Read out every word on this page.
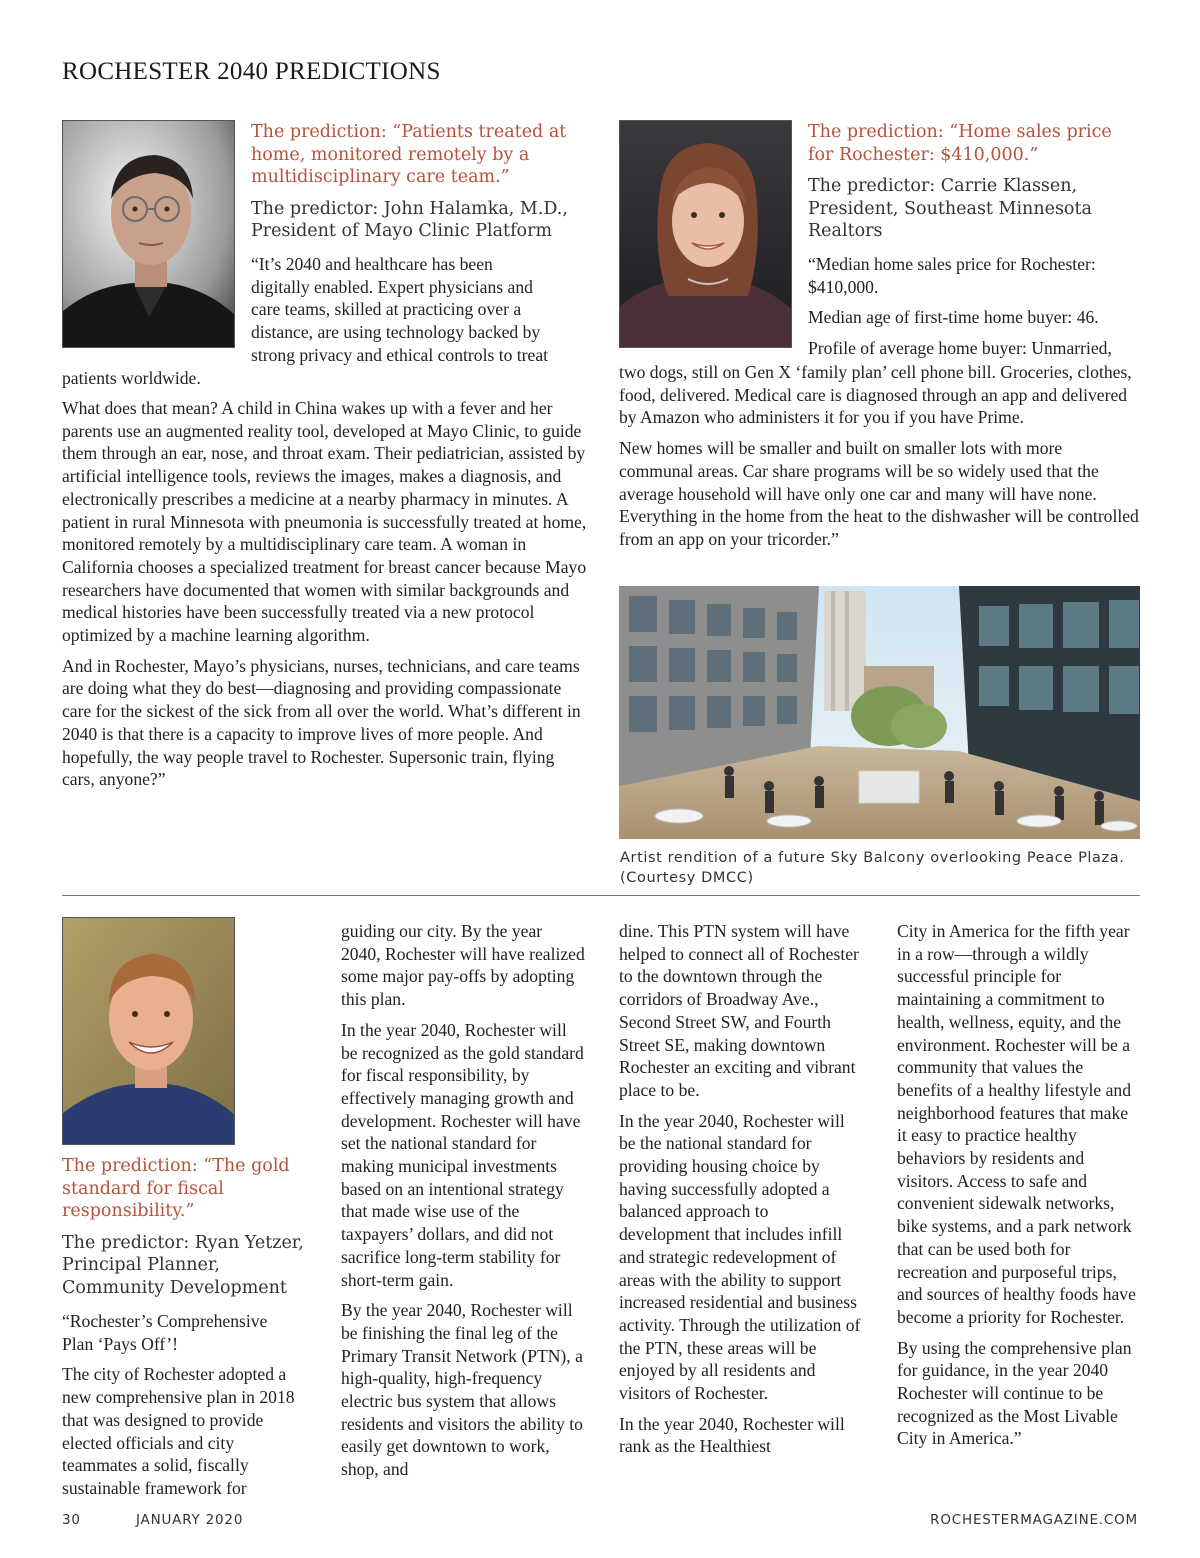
ROCHESTER 2040 PREDICTIONS
The prediction: “Patients treated at home, monitored remotely by a multidisciplinary care team.”
The predictor: John Halamka, M.D., President of Mayo Clinic Platform
“It’s 2040 and healthcare has been
digitally enabled. Expert physicians and
care teams, skilled at practicing over a
distance, are using technology backed by
strong privacy and ethical controls to treat
patients worldwide.

What does that mean? A child in China wakes up with a fever and her parents use an augmented reality tool, developed at Mayo Clinic, to guide them through an ear, nose, and throat exam. Their pediatrician, assisted by artificial intelligence tools, reviews the images, makes a diagnosis, and electronically prescribes a medicine at a nearby pharmacy in minutes. A patient in rural Minnesota with pneumonia is successfully treated at home, monitored remotely by a multidisciplinary care team. A woman in California chooses a specialized treatment for breast cancer because Mayo researchers have documented that women with similar backgrounds and medical histories have been successfully treated via a new protocol optimized by a machine learning algorithm.

And in Rochester, Mayo’s physicians, nurses, technicians, and care teams are doing what they do best—diagnosing and providing compassionate care for the sickest of the sick from all over the world. What’s different in 2040 is that there is a capacity to improve lives of more people. And hopefully, the way people travel to Rochester. Supersonic train, flying cars, anyone?”

The prediction: “Home sales price for Rochester: $410,000.”
The predictor: Carrie Klassen, President, Southeast Minnesota Realtors

“Median home sales price for Rochester: $410,000.

Median age of first-time home buyer: 46.

Profile of average home buyer: Unmarried,

two dogs, still on Gen X ‘family plan’ cell phone bill. Groceries, clothes, food, delivered. Medical care is diagnosed through an app and delivered by Amazon who administers it for you if you have Prime.

New homes will be smaller and built on smaller lots with more communal areas. Car share programs will be so widely used that the average household will have only one car and many will have none. Everything in the home from the heat to the dishwasher will be controlled from an app on your tricorder.”

Artist rendition of a future Sky Balcony overlooking Peace Plaza. (Courtesy DMCC)
The prediction: “The gold standard for fiscal responsibility.”
The predictor: Ryan Yetzer, Principal Planner, Community Development

“Rochester’s Comprehensive Plan ‘Pays Off’!

The city of Rochester adopted a new comprehensive plan in 2018 that was designed to provide elected officials and city teammates a solid, fiscally sustainable framework for

guiding our city. By the year 2040, Rochester will have realized some major pay-offs by adopting this plan.

In the year 2040, Rochester will be recognized as the gold standard for fiscal responsibility, by effectively managing growth and development. Rochester will have set the national standard for making municipal investments based on an intentional strategy that made wise use of the taxpayers’ dollars, and did not sacrifice long-term stability for short-term gain.

By the year 2040, Rochester will be finishing the final leg of the Primary Transit Network (PTN), a high-quality, high-frequency electric bus system that allows residents and visitors the ability to easily get downtown to work, shop, and

dine. This PTN system will have helped to connect all of Rochester to the downtown through the corridors of Broadway Ave., Second Street SW, and Fourth Street SE, making downtown Rochester an exciting and vibrant place to be.

In the year 2040, Rochester will be the national standard for providing housing choice by having successfully adopted a balanced approach to development that includes infill and strategic redevelopment of areas with the ability to support increased residential and business activity. Through the utilization of the PTN, these areas will be enjoyed by all residents and visitors of Rochester.

In the year 2040, Rochester will rank as the Healthiest

City in America for the fifth year in a row—through a wildly successful principle for maintaining a commitment to health, wellness, equity, and the environment. Rochester will be a community that values the benefits of a healthy lifestyle and neighborhood features that make it easy to practice healthy behaviors by residents and visitors. Access to safe and convenient sidewalk networks, bike systems, and a park network that can be used both for recreation and purposeful trips, and sources of healthy foods have become a priority for Rochester.

By using the comprehensive plan for guidance, in the year 2040 Rochester will continue to be recognized as the Most Livable City in America.”

30	JANUARY 2020	ROCHESTERMAGAZINE.COM
